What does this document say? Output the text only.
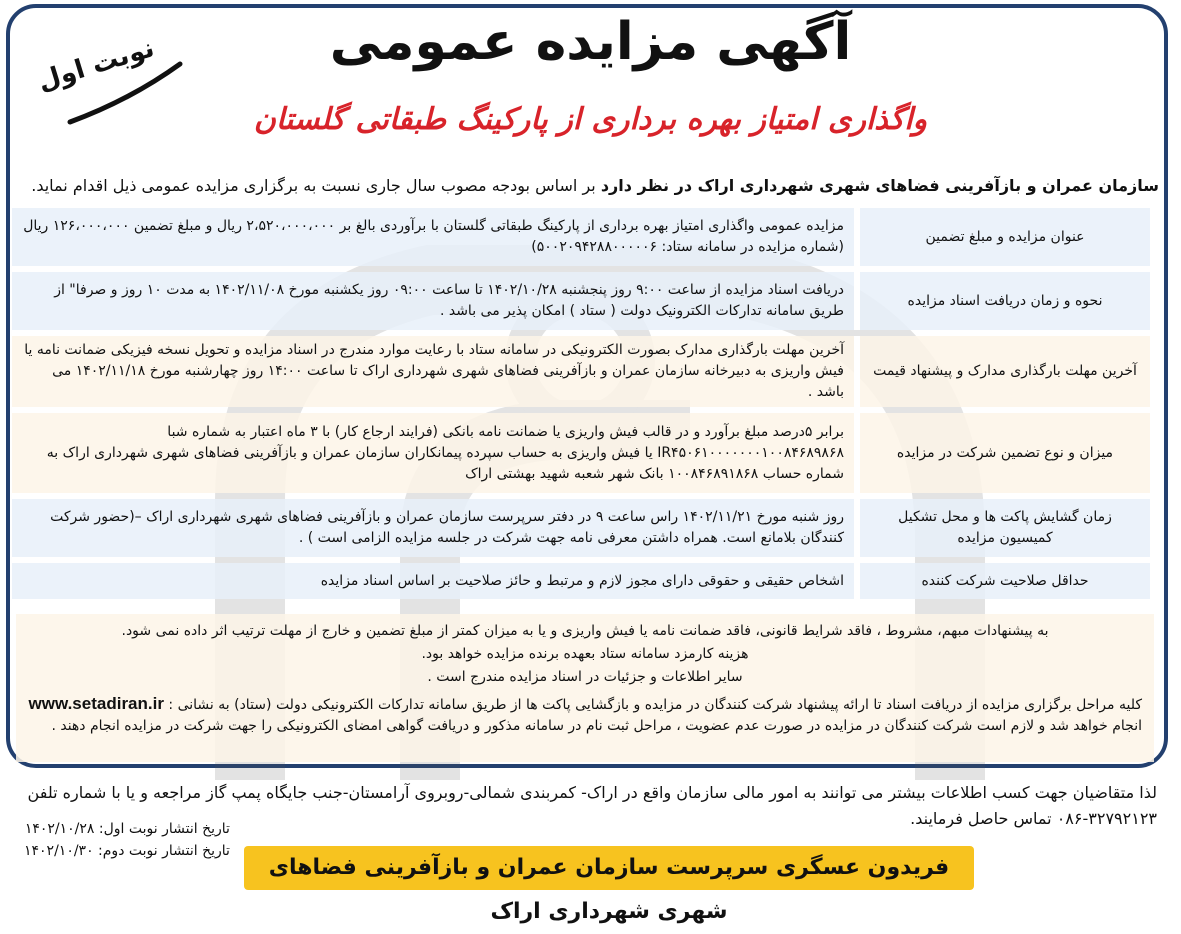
آگهی مزایده عمومی
واگذاری امتیاز بهره برداری از پارکینگ طبقاتی گلستان
نوبت اول
سازمان عمران و بازآفرینی فضاهای شهری شهرداری اراک در نظر دارد بر اساس بودجه مصوب سال جاری نسبت به برگزاری مزایده عمومی ذیل اقدام نماید.
عنوان مزایده و مبلغ تضمین	مزایده عمومی واگذاری امتیاز بهره برداری از پارکینگ طبقاتی گلستان با برآوردی بالغ بر ۲،۵۲۰،۰۰۰،۰۰۰ ریال و مبلغ تضمین ۱۲۶،۰۰۰،۰۰۰ ریال (شماره مزایده در سامانه ستاد: ۵۰۰۲۰۹۴۲۸۸۰۰۰۰۰۶)
نحوه و زمان دریافت اسناد مزایده	دریافت اسناد مزایده از ساعت ۹:۰۰ روز پنجشنبه ۱۴۰۲/۱۰/۲۸ تا ساعت ۰۹:۰۰ روز یکشنبه مورخ ۱۴۰۲/۱۱/۰۸ به مدت ۱۰ روز و صرفا" از طریق سامانه تدارکات الکترونیک دولت ( ستاد ) امکان پذیر می باشد .
آخرین مهلت بارگذاری مدارک و پیشنهاد قیمت	آخرین مهلت بارگذاری مدارک بصورت الکترونیکی در سامانه ستاد با رعایت موارد مندرج در اسناد مزایده و تحویل نسخه فیزیکی ضمانت نامه یا فیش واریزی به دبیرخانه سازمان عمران و بازآفرینی فضاهای شهری شهرداری اراک تا ساعت ۱۴:۰۰ روز چهارشنبه مورخ ۱۴۰۲/۱۱/۱۸ می باشد .
میزان و نوع تضمین شرکت در مزایده	برابر ۵درصد مبلغ برآورد و در قالب فیش واریزی یا ضمانت نامه بانکی (فرایند ارجاع کار) با ۳ ماه اعتبار به شماره شبا IR۴۵۰۶۱۰۰۰۰۰۰۰۱۰۰۸۴۶۸۹۸۶۸ یا فیش واریزی به حساب سپرده پیمانکاران سازمان عمران و بازآفرینی فضاهای شهری شهرداری اراک به شماره حساب ۱۰۰۸۴۶۸۹۱۸۶۸ بانک شهر شعبه شهید بهشتی اراک
زمان گشایش پاکت ها و محل تشکیل کمیسیون مزایده	روز شنبه مورخ ۱۴۰۲/۱۱/۲۱ راس ساعت ۹ در دفتر سرپرست سازمان عمران و بازآفرینی فضاهای شهری شهرداری اراک –(حضور شرکت کنندگان بلامانع است. همراه داشتن معرفی نامه جهت شرکت در جلسه مزایده الزامی است ) .
حداقل صلاحیت شرکت کننده	اشخاص حقیقی و حقوقی دارای مجوز لازم و مرتبط و حائز صلاحیت بر اساس اسناد مزایده
به پیشنهادات مبهم، مشروط ، فاقد شرایط قانونی، فاقد ضمانت نامه یا فیش واریزی و یا به میزان کمتر از مبلغ تضمین و خارج از مهلت ترتیب اثر داده نمی شود.
هزینه کارمزد سامانه ستاد بعهده برنده مزایده خواهد بود.
سایر اطلاعات و جزئیات در اسناد مزایده مندرج است .
کلیه مراحل برگزاری مزایده از دریافت اسناد تا ارائه پیشنهاد شرکت کنندگان در مزایده و بازگشایی پاکت ها از طریق سامانه تدارکات الکترونیکی دولت (ستاد) به نشانی : www.setadiran.ir انجام خواهد شد و لازم است شرکت کنندگان در مزایده در صورت عدم عضویت ، مراحل ثبت نام در سامانه مذکور و دریافت گواهی امضای الکترونیکی را جهت شرکت در مزایده انجام دهند .
لذا متقاضیان جهت کسب اطلاعات بیشتر می توانند به امور مالی سازمان واقع در اراک- کمربندی شمالی-روبروی آرامستان-جنب جایگاه پمپ گاز مراجعه و یا با شماره تلفن ۳۲۷۹۲۱۲۳-۰۸۶ تماس حاصل فرمایند.
تاریخ انتشار نوبت اول: ۱۴۰۲/۱۰/۲۸
تاریخ انتشار نوبت دوم: ۱۴۰۲/۱۰/۳۰
فریدون عسگری سرپرست سازمان عمران و بازآفرینی فضاهای شهری شهرداری اراک
